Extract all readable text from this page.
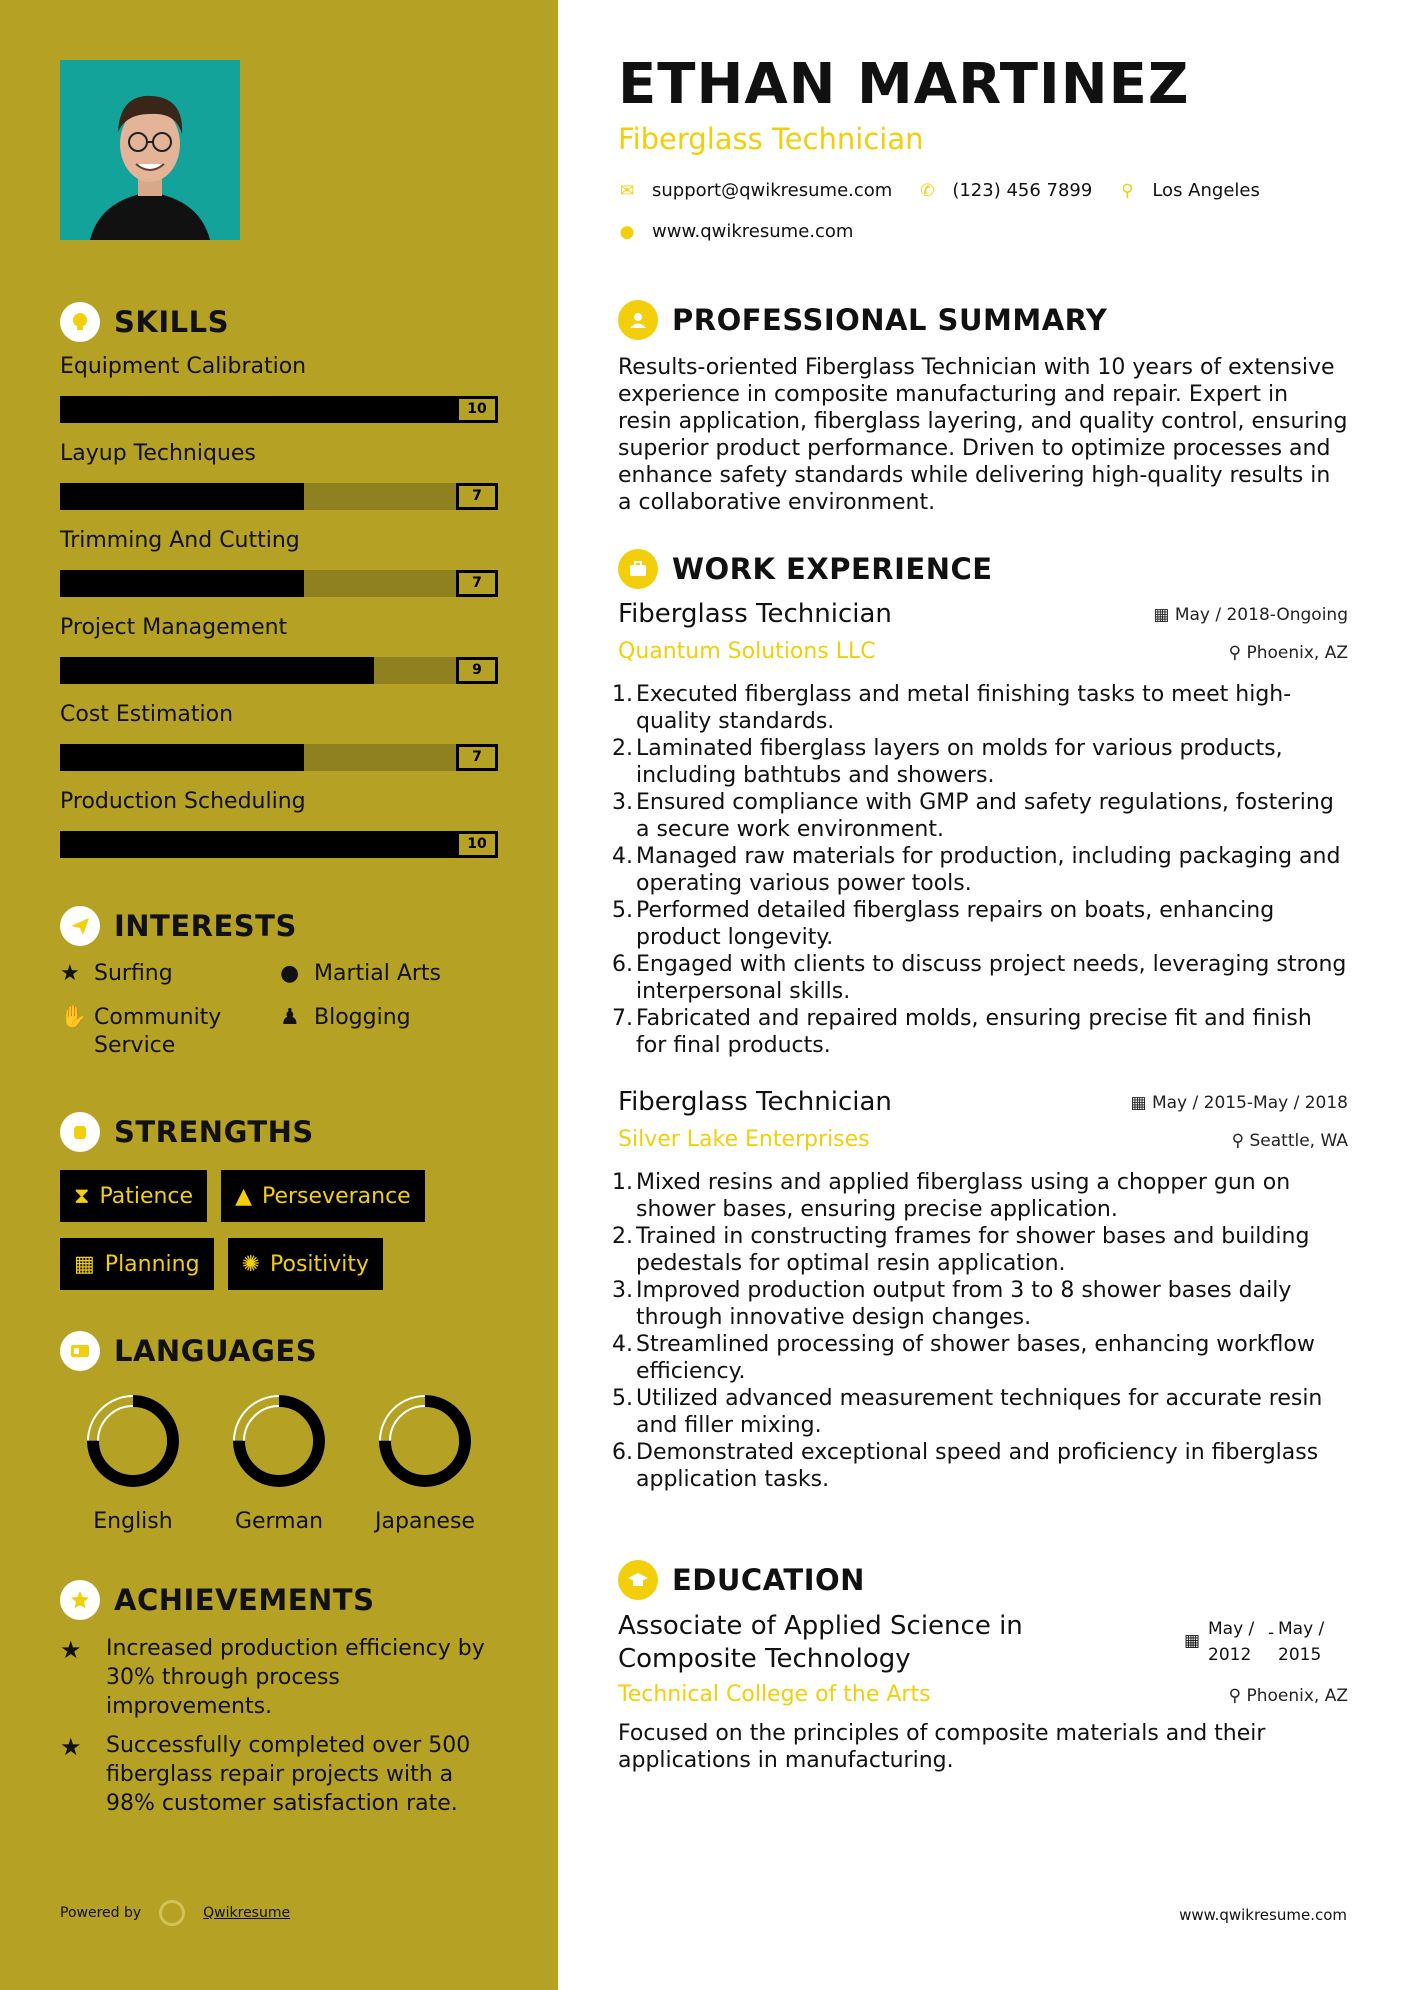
SKILLS
Equipment Calibration
10
Layup Techniques
7
Trimming And Cutting
7
Project Management
9
Cost Estimation
7
Production Scheduling
10
INTERESTS
★ Surfing	● Martial Arts
✋ Community Service
♟ Blogging
STRENGTHS
⧗ Patience ▲ Perseverance
▦ Planning ✺ Positivity
LANGUAGES
English	German Japanese
ACHIEVEMENTS
★	Increased production efficiency by 30% through process improvements.
★	Successfully completed over 500 fiberglass repair projects with a 98% customer satisfaction rate.
Powered by	Qwikresume
ETHAN MARTINEZ
Fiberglass Technician
✉ support@qwikresume.com ✆ (123) 456 7899 ⚲ Los Angeles
● www.qwikresume.com
PROFESSIONAL SUMMARY
Results-oriented Fiberglass Technician with 10 years of extensive experience in composite manufacturing and repair. Expert in resin application, fiberglass layering, and quality control, ensuring superior product performance. Driven to optimize processes and enhance safety standards while delivering high-quality results in a collaborative environment.
WORK EXPERIENCE
Fiberglass Technician	▦ May / 2018-Ongoing
Quantum Solutions LLC	⚲ Phoenix, AZ
1. Executed fiberglass and metal finishing tasks to meet high-quality standards.
2. Laminated fiberglass layers on molds for various products, including bathtubs and showers.
3. Ensured compliance with GMP and safety regulations, fostering a secure work environment.
4. Managed raw materials for production, including packaging and operating various power tools.
5. Performed detailed fiberglass repairs on boats, enhancing product longevity.
6. Engaged with clients to discuss project needs, leveraging strong interpersonal skills.
7. Fabricated and repaired molds, ensuring precise fit and finish for final products.
Fiberglass Technician	▦ May / 2015-May / 2018
Silver Lake Enterprises	⚲ Seattle, WA
1. Mixed resins and applied fiberglass using a chopper gun on shower bases, ensuring precise application.
2. Trained in constructing frames for shower bases and building pedestals for optimal resin application.
3. Improved production output from 3 to 8 shower bases daily through innovative design changes.
4. Streamlined processing of shower bases, enhancing workflow efficiency.
5. Utilized advanced measurement techniques for accurate resin and filler mixing.
6. Demonstrated exceptional speed and proficiency in fiberglass application tasks.
EDUCATION
Associate of Applied Science in Composite Technology
▦
May / 2012
- May / 2015
Technical College of the Arts	⚲ Phoenix, AZ
Focused on the principles of composite materials and their applications in manufacturing.
www.qwikresume.com
